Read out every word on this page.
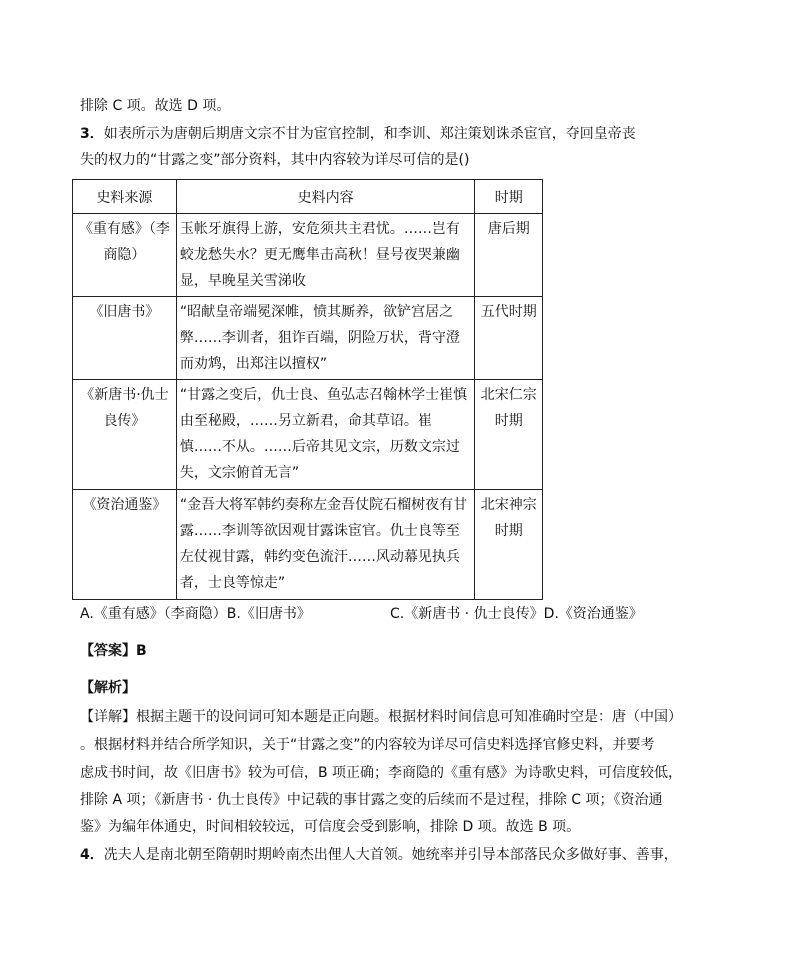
排除 C 项。故选 D 项。
3．如表所示为唐朝后期唐文宗不甘为宦官控制，和李训、郑注策划诛杀宦官，夺回皇帝丧
失的权力的“甘露之变”部分资料，其中内容较为详尽可信的是()
史料来源	史料内容	时期
《重有感》（李商隐）	玉帐牙旗得上游，安危须共主君忧。……岂有蛟龙愁失水？更无鹰隼击高秋！昼号夜哭兼幽显，早晚星关雪涕收	唐后期
《旧唐书》	“昭献皇帝端冕深帷，愤其厮养，欲铲宫居之弊……李训者，狙诈百端，阴险万状，背守澄而劝鸩，出郑注以擅权”	五代时期
《新唐书·仇士良传》	“甘露之变后，仇士良、鱼弘志召翰林学士崔慎由至秘殿，……另立新君，命其草诏。崔慎……不从。……后帝其见文宗，历数文宗过失，文宗俯首无言”	北宋仁宗时期
《资治通鉴》	“金吾大将军韩约奏称左金吾仗院石榴树夜有甘露……李训等欲因观甘露诛宦官。仇士良等至左仗视甘露，韩约变色流汗……风动幕见执兵者，士良等惊走”	北宋神宗时期
A.《重有感》（李商隐）B.《旧唐书》	C.《新唐书 · 仇士良传》D.《资治通鉴》
【答案】B
【解析】
【详解】根据主题干的设问词可知本题是正向题。根据材料时间信息可知准确时空是：唐（中国）
。根据材料并结合所学知识，关于“甘露之变”的内容较为详尽可信史料选择官修史料，并要考
虑成书时间，故《旧唐书》较为可信，B 项正确；李商隐的《重有感》为诗歌史料，可信度较低，
排除 A 项；《新唐书 · 仇士良传》中记载的事甘露之变的后续而不是过程，排除 C 项；《资治通
鉴》为编年体通史，时间相较较远，可信度会受到影响，排除 D 项。故选 B 项。
4．冼夫人是南北朝至隋朝时期岭南杰出俚人大首领。她统率并引导本部落民众多做好事、善事，
